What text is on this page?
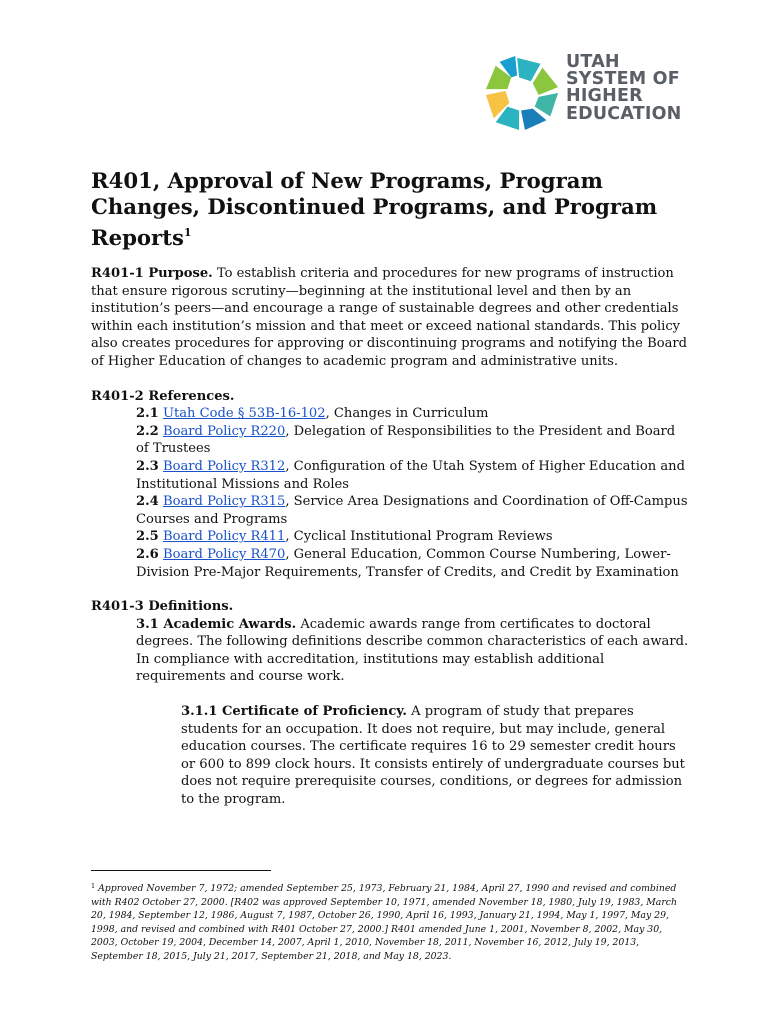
UTAH
SYSTEM OF
HIGHER
EDUCATION
R401, Approval of New Programs, Program Changes, Discontinued Programs, and Program Reports$^1$

R401-1 Purpose. To establish criteria and procedures for new programs of instruction that ensure rigorous scrutiny—beginning at the institutional level and then by an institution’s peers—and encourage a range of sustainable degrees and other credentials within each institution’s mission and that meet or exceed national standards. This policy also creates procedures for approving or discontinuing programs and notifying the Board of Higher Education of changes to academic program and administrative units.

R401-2 References.

2.1 Utah Code § 53B-16-102, Changes in Curriculum

2.2 Board Policy R220, Delegation of Responsibilities to the President and Board of Trustees

2.3 Board Policy R312, Configuration of the Utah System of Higher Education and Institutional Missions and Roles

2.4 Board Policy R315, Service Area Designations and Coordination of Off-Campus Courses and Programs

2.5 Board Policy R411, Cyclical Institutional Program Reviews

2.6 Board Policy R470, General Education, Common Course Numbering, Lower-Division Pre-Major Requirements, Transfer of Credits, and Credit by Examination

R401-3 Definitions.

3.1 Academic Awards. Academic awards range from certificates to doctoral degrees. The following definitions describe common characteristics of each award. In compliance with accreditation, institutions may establish additional requirements and course work.

3.1.1 Certificate of Proficiency. A program of study that prepares students for an occupation. It does not require, but may include, general education courses. The certificate requires 16 to 29 semester credit hours or 600 to 899 clock hours. It consists entirely of undergraduate courses but does not require prerequisite courses, conditions, or degrees for admission to the program.

$^1$ Approved November 7, 1972; amended September 25, 1973, February 21, 1984, April 27, 1990 and revised and combined with R402 October 27, 2000. [R402 was approved September 10, 1971, amended November 18, 1980, July 19, 1983, March 20, 1984, September 12, 1986, August 7, 1987, October 26, 1990, April 16, 1993, January 21, 1994, May 1, 1997, May 29, 1998, and revised and combined with R401 October 27, 2000.] R401 amended June 1, 2001, November 8, 2002, May 30, 2003, October 19, 2004, December 14, 2007, April 1, 2010, November 18, 2011, November 16, 2012, July 19, 2013, September 18, 2015, July 21, 2017, September 21, 2018, and May 18, 2023.
